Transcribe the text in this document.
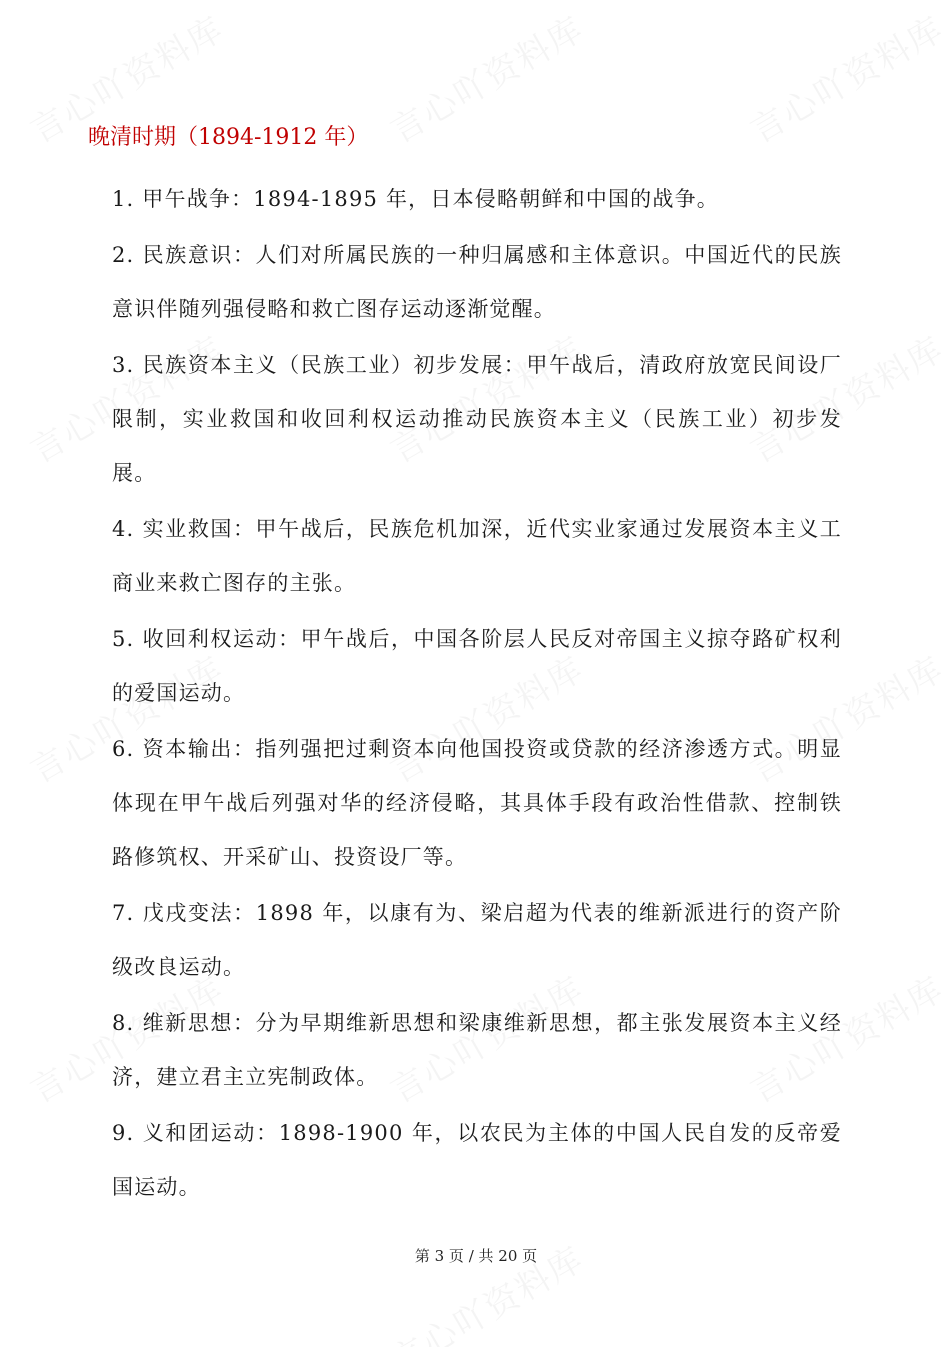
晚清时期（1894-1912 年）

1. 甲午战争：1894-1895 年，日本侵略朝鲜和中国的战争。

2. 民族意识：人们对所属民族的一种归属感和主体意识。中国近代的民族意识伴随列强侵略和救亡图存运动逐渐觉醒。

3. 民族资本主义（民族工业）初步发展：甲午战后，清政府放宽民间设厂限制，实业救国和收回利权运动推动民族资本主义（民族工业）初步发展。

4. 实业救国：甲午战后，民族危机加深，近代实业家通过发展资本主义工商业来救亡图存的主张。

5. 收回利权运动：甲午战后，中国各阶层人民反对帝国主义掠夺路矿权利的爱国运动。

6. 资本输出：指列强把过剩资本向他国投资或贷款的经济渗透方式。明显体现在甲午战后列强对华的经济侵略，其具体手段有政治性借款、控制铁路修筑权、开采矿山、投资设厂等。

7. 戊戌变法：1898 年，以康有为、梁启超为代表的维新派进行的资产阶级改良运动。

8. 维新思想：分为早期维新思想和梁康维新思想，都主张发展资本主义经济，建立君主立宪制政体。

9. 义和团运动：1898-1900 年，以农民为主体的中国人民自发的反帝爱国运动。

第 3 页 / 共 20 页
